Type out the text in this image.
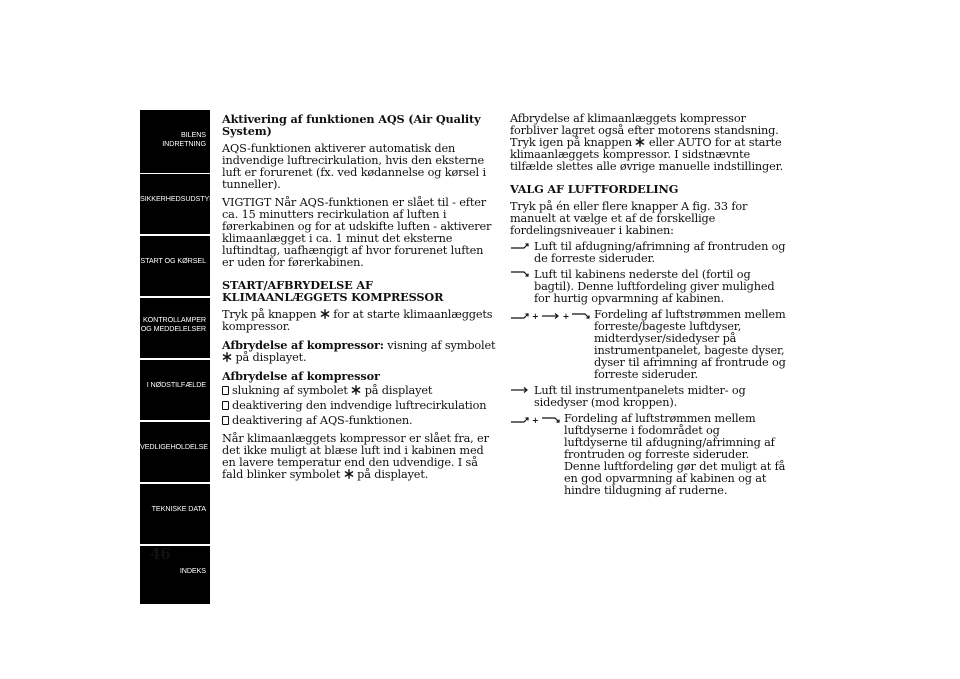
BILENS
INDRETNING
SIKKERHEDSUDSTYR
START OG KØRSEL
KONTROLLAMPER
OG MEDDELELSER
I NØDSTILFÆLDE
VEDLIGEHOLDELSE
TEKNISKE DATA
INDEKS
46

Aktivering af funktionen AQS (Air Quality System)

AQS-funktionen aktiverer automatisk den indvendige luftrecirkulation, hvis den eksterne luft er forurenet (fx. ved kødannelse og kørsel i tunneller).

VIGTIGT Når AQS-funktionen er slået til - efter ca. 15 minutters recirkulation af luften i førerkabinen og for at udskifte luften - aktiverer klimaanlægget i ca. 1 minut det eksterne luftindtag, uafhængigt af hvor forurenet luften er uden for førerkabinen.

START/AFBRYDELSE AF KLIMAANLÆGGETS KOMPRESSOR

Tryk på knappen for at starte klimaanlæggets kompressor.

Afbrydelse af kompressor: visning af symbolet

på displayet.

Afbrydelse af kompressor

slukning af symbolet på displayet
deaktivering den indvendige luftrecirkulation
deaktivering af AQS-funktionen.

Når klimaanlæggets kompressor er slået fra, er det ikke muligt at blæse luft ind i kabinen med en lavere temperatur end den udvendige. I så fald blinker symbolet på displayet.

Afbrydelse af klimaanlæggets kompressor forbliver lagret også efter motorens standsning. Tryk igen på knappen eller AUTO for at starte klimaanlæggets kompressor. I sidstnævnte tilfælde slettes alle øvrige manuelle indstillinger.

VALG AF LUFTFORDELING

Tryk på én eller flere knapper A fig. 33 for manuelt at vælge et af de forskellige fordelingsniveauer i kabinen:

Luft til afdugning/afrimning af frontruden og de forreste sideruder.
Luft til kabinens nederste del (fortil og bagtil). Denne luftfordeling giver mulighed for hurtig opvarmning af kabinen.
+	+ Fordeling af luftstrømmen mellem forreste/bageste luftdyser, midterdyser/sidedyser på instrumentpanelet, bageste dyser, dyser til afrimning af frontrude og forreste sideruder.
Luft til instrumentpanelets midter- og sidedyser (mod kroppen).
+ Fordeling af luftstrømmen mellem luftdyserne i fodområdet og luftdyserne til afdugning/afrimning af frontruden og forreste sideruder. Denne luftfordeling gør det muligt at få en god opvarmning af kabinen og at hindre tildugning af ruderne.
